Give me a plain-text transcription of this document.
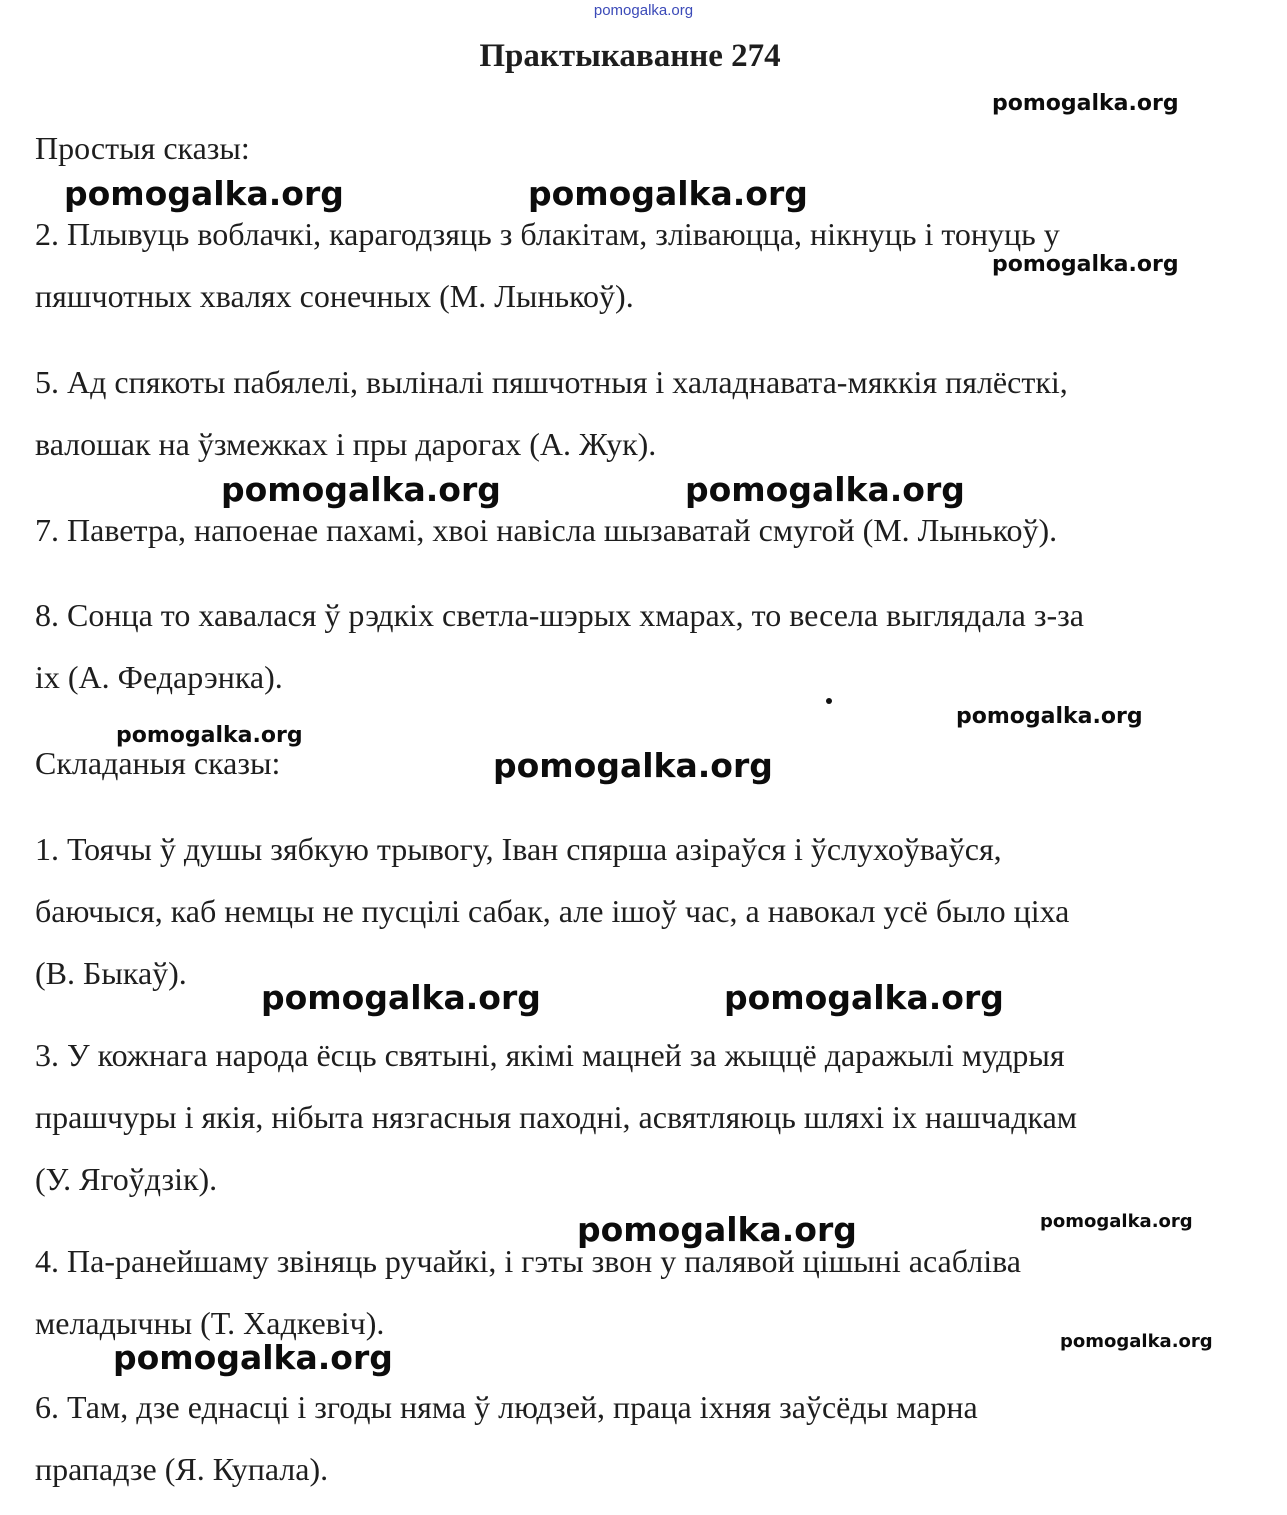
pomogalka.org
Практыкаванне 274

Простыя сказы:

2. Плывуць воблачкі, карагодзяць з блакітам, зліваюцца, нікнуць і тонуць у

пяшчотных хвалях сонечных (М. Лынькоў).

5. Ад спякоты пабялелі, выліналі пяшчотныя і халаднавата-мяккія пялёсткі,

валошак на ўзмежках і пры дарогах (А. Жук).

7. Паветра, напоенае пахамі, хвоі навісла шызаватай смугой (М. Лынькоў).

8. Сонца то хавалася ў рэдкіх светла-шэрых хмарах, то весела выглядала з-за

іх (А. Федарэнка).

Складаныя сказы:

1. Тоячы ў душы зябкую трывогу, Іван спярша азіраўся і ўслухоўваўся,

баючыся, каб немцы не пусцілі сабак, але ішоў час, а навокал усё было ціха

(В. Быкаў).

3. У кожнага народа ёсць святыні, якімі мацней за жыццё даражылі мудрыя

прашчуры і якія, нібыта нязгасныя паходні, асвятляюць шляхі іх нашчадкам

(У. Ягоўдзік).

4. Па-ранейшаму звіняць ручайкі, і гэты звон у палявой цішыні асабліва

меладычны (Т. Хадкевіч).

6. Там, дзе еднасці і згоды няма ў людзей, праца іхняя заўсёды марна

прападзе (Я. Купала).

pomogalka.org
pomogalka.org	pomogalka.org
pomogalka.org
pomogalka.org	pomogalka.org
pomogalka.org
pomogalka.org
pomogalka.org
pomogalka.org	pomogalka.org
pomogalka.org	pomogalka.org
pomogalka.org
pomogalka.org
